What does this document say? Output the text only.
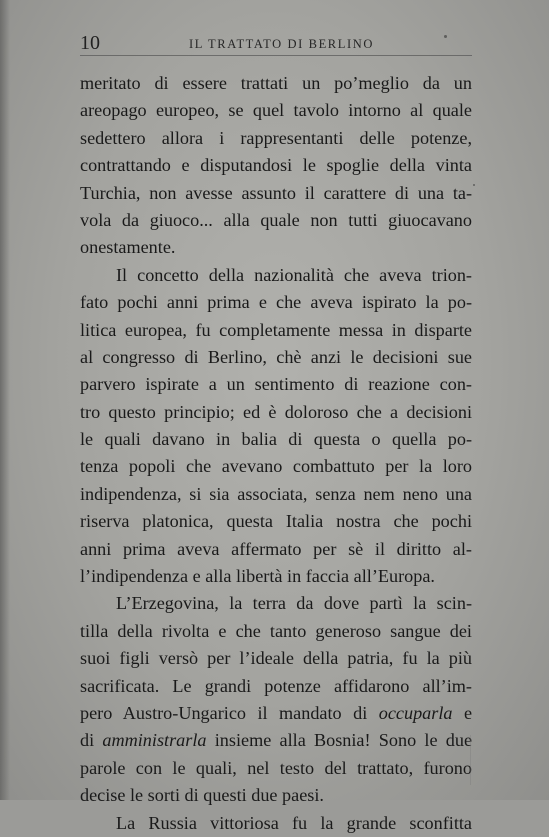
10	IL TRATTATO DI BERLINO
meritato di essere trattati un po’meglio da un
areopago europeo, se quel tavolo intorno al quale
sedettero allora i rappresentanti delle potenze,
contrattando e disputandosi le spoglie della vinta
Turchia, non avesse assunto il carattere di una ta-
vola da giuoco... alla quale non tutti giuocavano
onestamente.
Il concetto della nazionalità che aveva trion-
fato pochi anni prima e che aveva ispirato la po-
litica europea, fu completamente messa in disparte
al congresso di Berlino, chè anzi le decisioni sue
parvero ispirate a un sentimento di reazione con-
tro questo principio; ed è doloroso che a decisioni
le quali davano in balia di questa o quella po-
tenza popoli che avevano combattuto per la loro
indipendenza, si sia associata, senza nem neno una
riserva platonica, questa Italia nostra che pochi
anni prima aveva affermato per sè il diritto al-
l’indipendenza e alla libertà in faccia all’Europa.
L’Erzegovina, la terra da dove partì la scin-
tilla della rivolta e che tanto generoso sangue dei
suoi figli versò per l’ideale della patria, fu la più
sacrificata. Le grandi potenze affidarono all’im-
pero Austro-Ungarico il mandato di occuparla e
di amministrarla insieme alla Bosnia! Sono le due
parole con le quali, nel testo del trattato, furono
decise le sorti di questi due paesi.
La Russia vittoriosa fu la grande sconfitta
